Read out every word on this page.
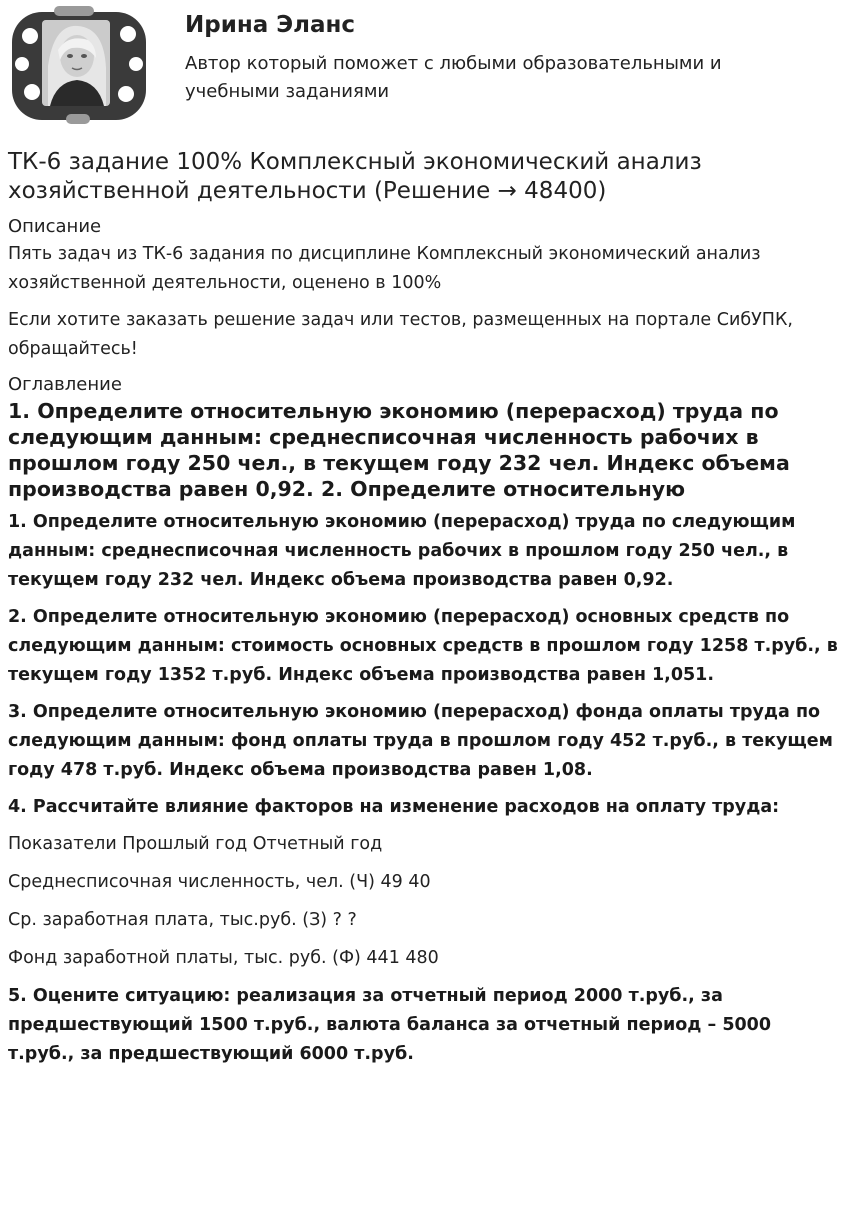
Ирина Эланс
Автор который поможет с любыми образовательными и учебными заданиями
ТК-6 задание 100% Комплексный экономический анализ хозяйственной деятельности (Решение → 48400)
Описание

Пять задач из ТК-6 задания по дисциплине Комплексный экономический анализ хозяйственной деятельности, оценено в 100%

Если хотите заказать решение задач или тестов, размещенных на портале СибУПК, обращайтесь!

Оглавление
1. Определите относительную экономию (перерасход) труда по следующим данным: среднесписочная численность рабочих в прошлом году 250 чел., в текущем году 232 чел. Индекс объема производства равен 0,92. 2. Определите относительную

1. Определите относительную экономию (перерасход) труда по следующим данным: среднесписочная численность рабочих в прошлом году 250 чел., в текущем году 232 чел. Индекс объема производства равен 0,92.

2. Определите относительную экономию (перерасход) основных средств по следующим данным: стоимость основных средств в прошлом году 1258 т.руб., в текущем году 1352 т.руб. Индекс объема производства равен 1,051.

3. Определите относительную экономию (перерасход) фонда оплаты труда по следующим данным: фонд оплаты труда в прошлом году 452 т.руб., в текущем году 478 т.руб. Индекс объема производства равен 1,08.

4. Рассчитайте влияние факторов на изменение расходов на оплату труда:

Показатели Прошлый год Отчетный год

Среднесписочная численность, чел. (Ч) 49 40

Ср. заработная плата, тыс.руб. (З) ? ?

Фонд заработной платы, тыс. руб. (Ф) 441 480

5. Оцените ситуацию: реализация за отчетный период 2000 т.руб., за предшествующий 1500 т.руб., валюта баланса за отчетный период – 5000 т.руб., за предшествующий 6000 т.руб.
